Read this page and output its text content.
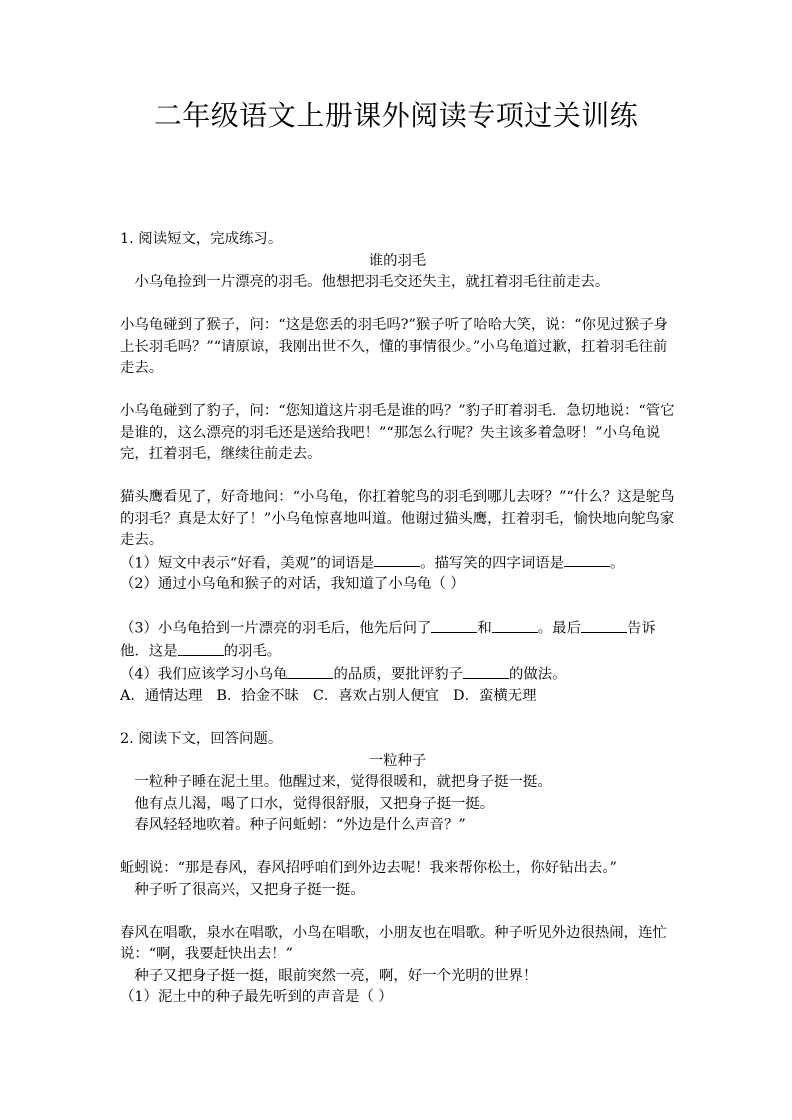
二年级语文上册课外阅读专项过关训练

1. 阅读短文，完成练习。

谁的羽毛

小乌龟捡到一片漂亮的羽毛。他想把羽毛交还失主，就扛着羽毛往前走去。

小乌龟碰到了猴子，问：“这是您丢的羽毛吗?”猴子听了哈哈大笑，说：“你见过猴子身上长羽毛吗？”“请原谅，我刚出世不久，懂的事情很少。”小乌龟道过歉，扛着羽毛往前走去。

小乌龟碰到了豹子，问：“您知道这片羽毛是谁的吗？”豹子盯着羽毛．急切地说：“管它是谁的，这么漂亮的羽毛还是送给我吧！”“那怎么行呢？失主该多着急呀！”小乌龟说完，扛着羽毛，继续往前走去。

猫头鹰看见了，好奇地问：“小乌龟，你扛着鸵鸟的羽毛到哪儿去呀？”“什么？这是鸵鸟的羽毛？真是太好了！”小乌龟惊喜地叫道。他谢过猫头鹰，扛着羽毛，愉快地向鸵鸟家走去。

（1）短文中表示“好看，美观”的词语是	。描写笑的四字词语是	。

（2）通过小乌龟和猴子的对话，我知道了小乌龟（ ）

（3）小乌龟拾到一片漂亮的羽毛后，他先后问了	和	。最后	告诉他．这是	的羽毛。

（4）我们应该学习小乌龟	的品质，要批评豹子	的做法。

A．通情达理 B．拾金不昧 C．喜欢占别人便宜 D．蛮横无理

2. 阅读下文，回答问题。

一粒种子

一粒种子睡在泥土里。他醒过来，觉得很暖和，就把身子挺一挺。

他有点儿渴，喝了口水，觉得很舒服，又把身子挺一挺。

春风轻轻地吹着。种子问蚯蚓：“外边是什么声音？”

蚯蚓说：“那是春风，春风招呼咱们到外边去呢！我来帮你松土，你好钻出去。”

种子听了很高兴，又把身子挺一挺。

春风在唱歌，泉水在唱歌，小鸟在唱歌，小朋友也在唱歌。种子听见外边很热闹，连忙说：“啊，我要赶快出去！”

种子又把身子挺一挺，眼前突然一亮，啊，好一个光明的世界！

（1）泥土中的种子最先听到的声音是（ ）
